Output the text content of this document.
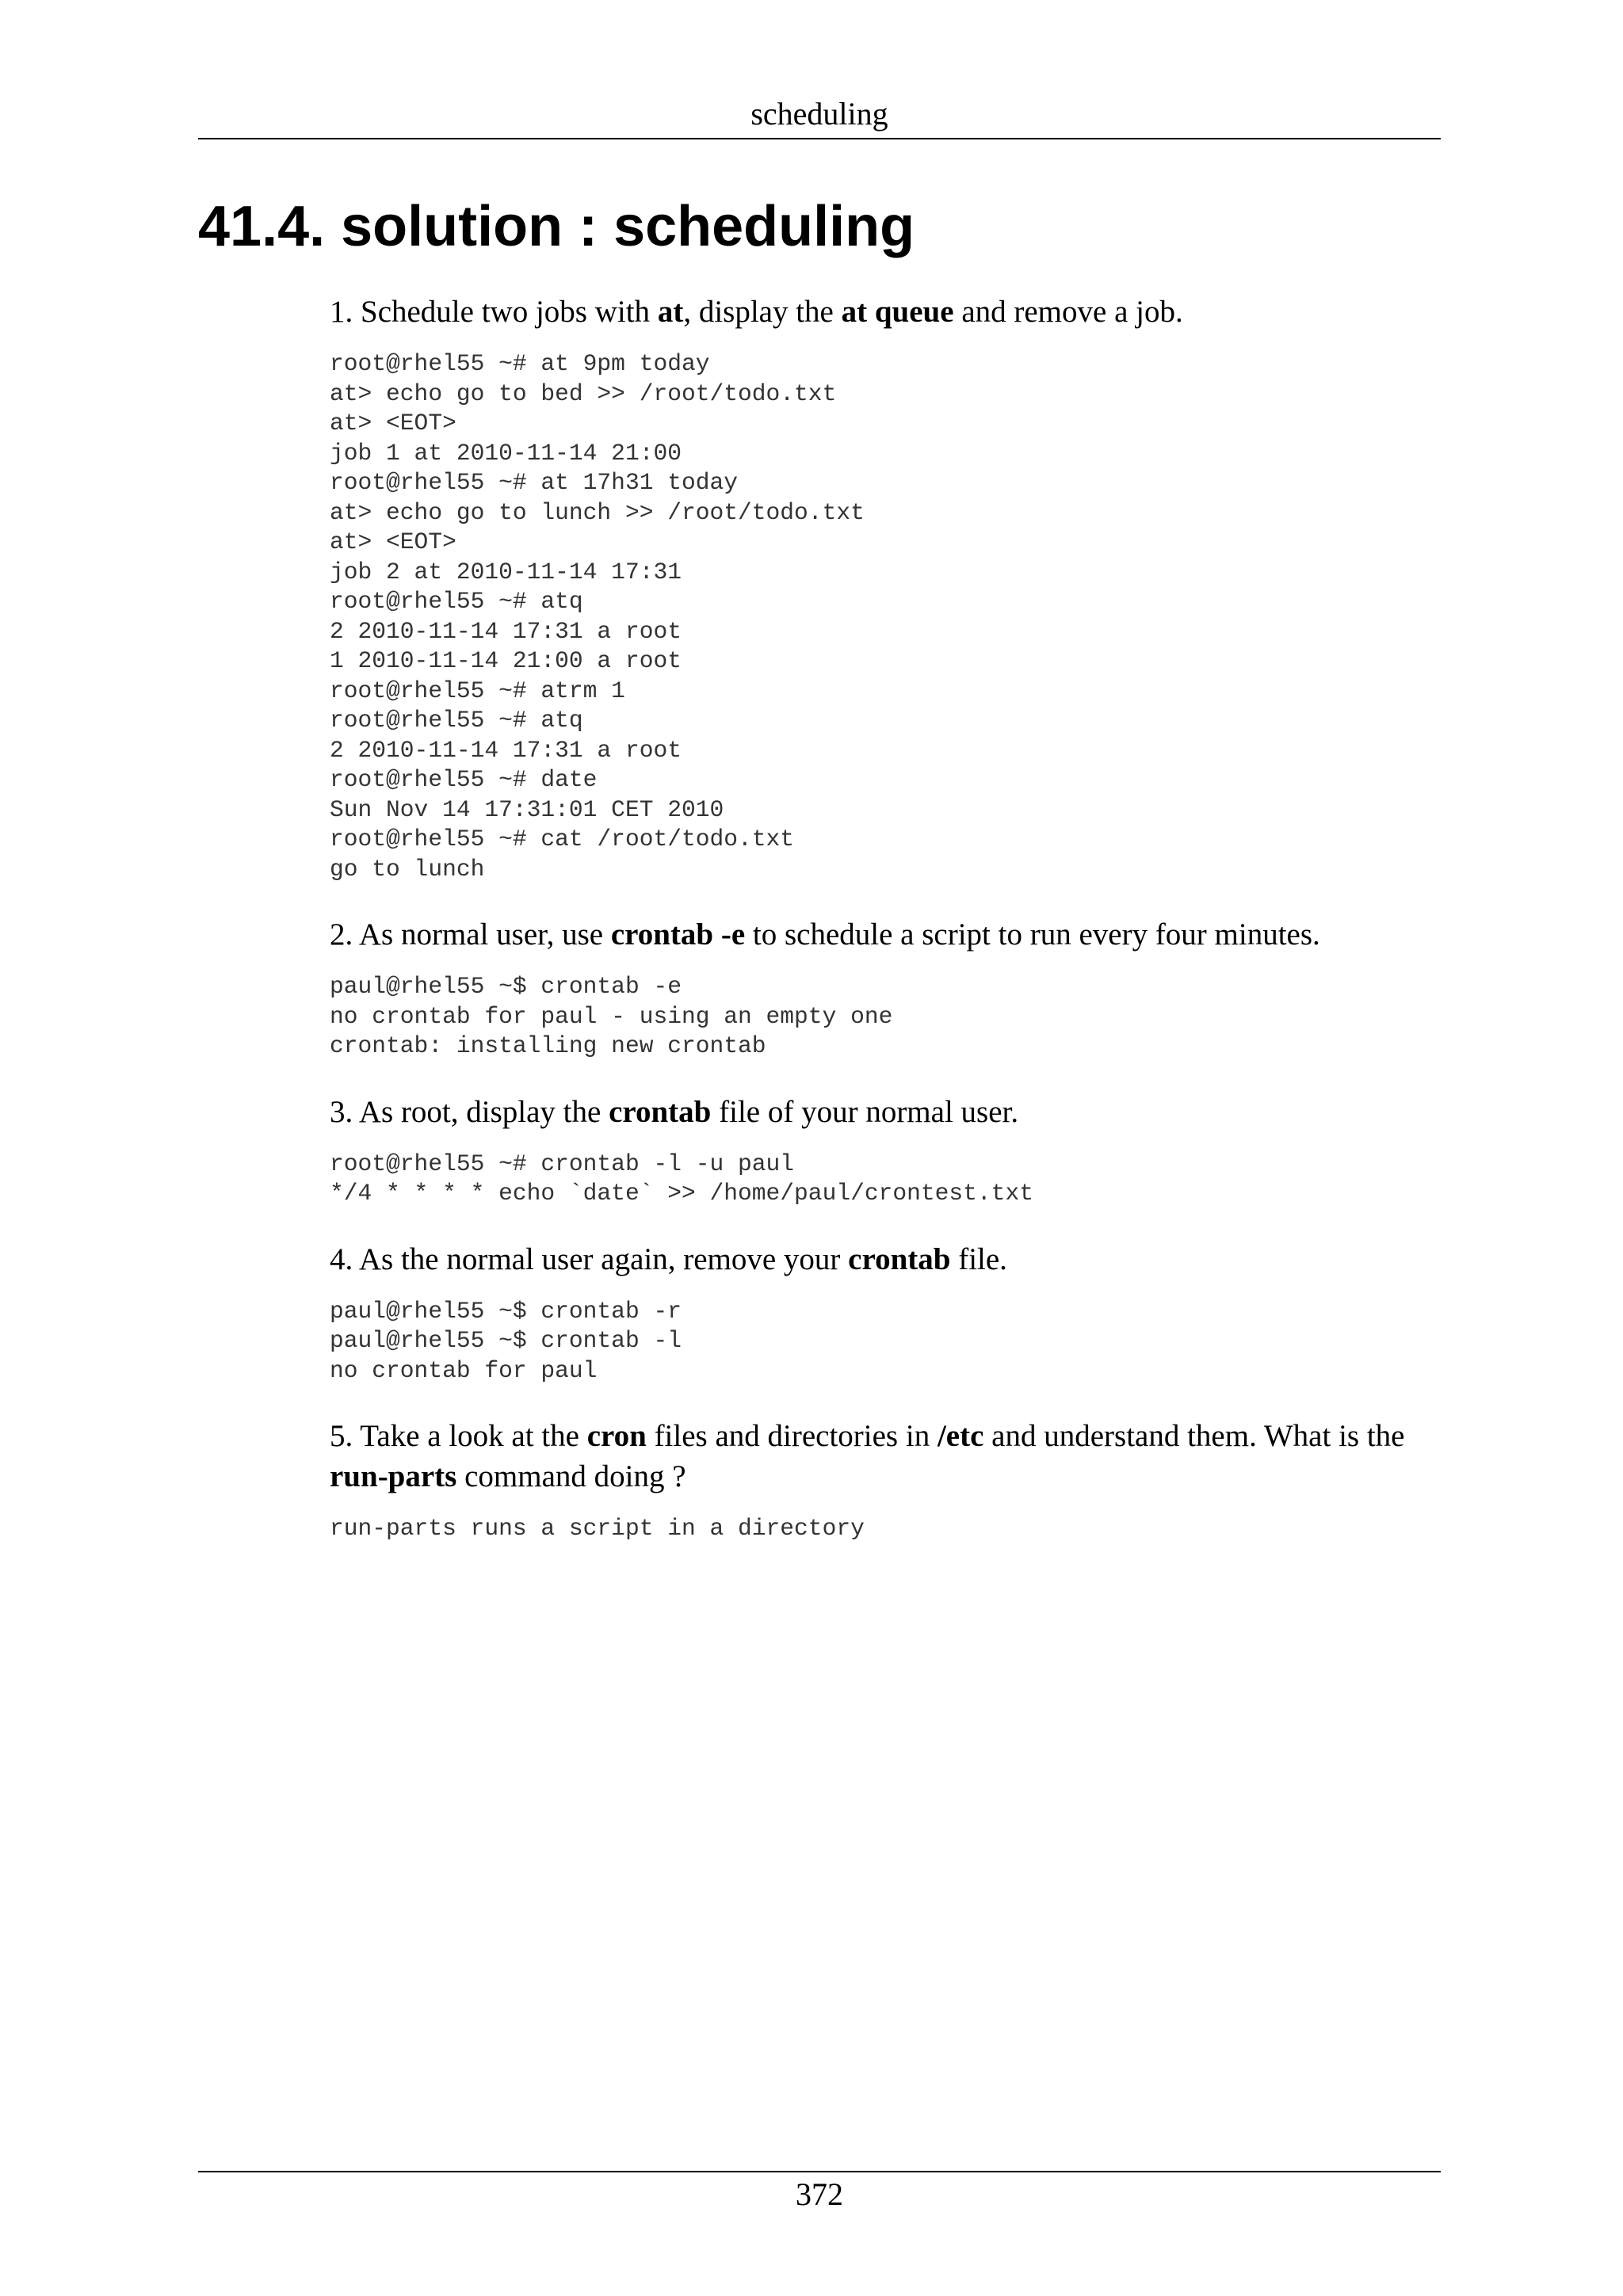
scheduling
41.4. solution : scheduling

1. Schedule two jobs with at, display the at queue and remove a job.

root@rhel55 ~# at 9pm today
at> echo go to bed >> /root/todo.txt
at> <EOT>
job 1 at 2010-11-14 21:00
root@rhel55 ~# at 17h31 today
at> echo go to lunch >> /root/todo.txt
at> <EOT>
job 2 at 2010-11-14 17:31
root@rhel55 ~# atq
2 2010-11-14 17:31 a root
1 2010-11-14 21:00 a root
root@rhel55 ~# atrm 1
root@rhel55 ~# atq
2 2010-11-14 17:31 a root
root@rhel55 ~# date
Sun Nov 14 17:31:01 CET 2010
root@rhel55 ~# cat /root/todo.txt
go to lunch

2. As normal user, use crontab -e to schedule a script to run every four minutes.

paul@rhel55 ~$ crontab -e
no crontab for paul - using an empty one
crontab: installing new crontab

3. As root, display the crontab file of your normal user.

root@rhel55 ~# crontab -l -u paul
*/4 * * * * echo `date` >> /home/paul/crontest.txt

4. As the normal user again, remove your crontab file.

paul@rhel55 ~$ crontab -r
paul@rhel55 ~$ crontab -l
no crontab for paul

5. Take a look at the cron files and directories in /etc and understand them. What is the run-parts command doing ?

run-parts runs a script in a directory
372
